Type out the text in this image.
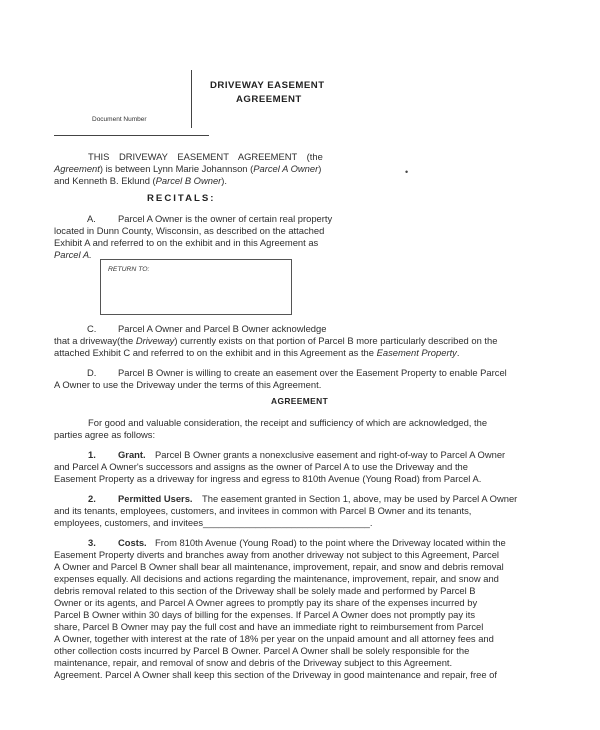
DRIVEWAY EASEMENT
AGREEMENT
Document Number
THIS DRIVEWAY EASEMENT AGREEMENT (the
Agreement) is between Lynn Marie Johannson (Parcel A Owner)
and Kenneth B. Eklund (Parcel B Owner).
•
RECITALS:
A. Parcel A Owner is the owner of certain real property
located in Dunn County, Wisconsin, as described on the attached
Exhibit A and referred to on the exhibit and in this Agreement as
Parcel A.
RETURN TO:
C. Parcel A Owner and Parcel B Owner acknowledge
that a driveway(the Driveway) currently exists on that portion of Parcel B more particularly described on the
attached Exhibit C and referred to on the exhibit and in this Agreement as the Easement Property.
D. Parcel B Owner is willing to create an easement over the Easement Property to enable Parcel
A Owner to use the Driveway under the terms of this Agreement.
AGREEMENT
For good and valuable consideration, the receipt and sufficiency of which are acknowledged, the
parties agree as follows:
1. Grant. Parcel B Owner grants a nonexclusive easement and right-of-way to Parcel A Owner
and Parcel A Owner's successors and assigns as the owner of Parcel A to use the Driveway and the
Easement Property as a driveway for ingress and egress to 810th Avenue (Young Road) from Parcel A.
2. Permitted Users. The easement granted in Section 1, above, may be used by Parcel A Owner
and its tenants, employees, customers, and invitees in common with Parcel B Owner and its tenants,
employees, customers, and invitees________________________________.
3. Costs. From 810th Avenue (Young Road) to the point where the Driveway located within the
Easement Property diverts and branches away from another driveway not subject to this Agreement, Parcel
A Owner and Parcel B Owner shall bear all maintenance, improvement, repair, and snow and debris removal
expenses equally. All decisions and actions regarding the maintenance, improvement, repair, and snow and
debris removal related to this section of the Driveway shall be solely made and performed by Parcel B
Owner or its agents, and Parcel A Owner agrees to promptly pay its share of the expenses incurred by
Parcel B Owner within 30 days of billing for the expenses. If Parcel A Owner does not promptly pay its
share, Parcel B Owner may pay the full cost and have an immediate right to reimbursement from Parcel
A Owner, together with interest at the rate of 18% per year on the unpaid amount and all attorney fees and
other collection costs incurred by Parcel B Owner. Parcel A Owner shall be solely responsible for the
maintenance, repair, and removal of snow and debris of the Driveway subject to this Agreement.
Agreement. Parcel A Owner shall keep this section of the Driveway in good maintenance and repair, free of
